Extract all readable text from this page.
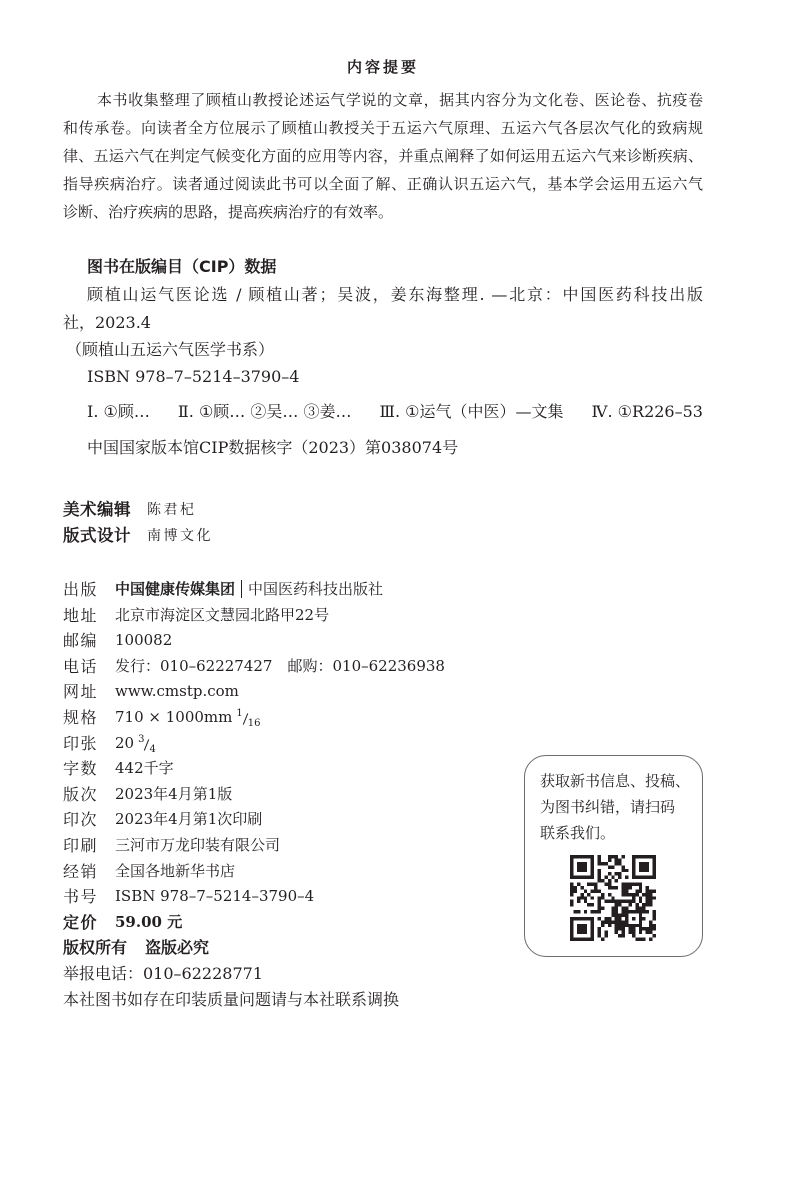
内容提要
本书收集整理了顾植山教授论述运气学说的文章，据其内容分为文化卷、医论卷、抗疫卷
和传承卷。向读者全方位展示了顾植山教授关于五运六气原理、五运六气各层次气化的致病规
律、五运六气在判定气候变化方面的应用等内容，并重点阐释了如何运用五运六气来诊断疾病、
指导疾病治疗。读者通过阅读此书可以全面了解、正确认识五运六气，基本学会运用五运六气
诊断、治疗疾病的思路，提高疾病治疗的有效率。
图书在版编目（CIP）数据
顾植山运气医论选 / 顾植山著；吴波，姜东海整理. —北京：中国医药科技出版
社，2023.4
（顾植山五运六气医学书系）
ISBN 978–7–5214–3790–4
Ⅰ. ①顾… Ⅱ. ①顾… ②吴… ③姜… Ⅲ. ①运气（中医）—文集 Ⅳ. ①R226–53
中国国家版本馆CIP数据核字（2023）第038074号
美术编辑 陈君杞
版式设计 南博文化
出版 中国健康传媒集团 中国医药科技出版社
地址 北京市海淀区文慧园北路甲22号
邮编 100082
电话 发行：010–62227427 邮购：010–62236938
网址 www.cmstp.com
规格 710 × 1000mm 116
印张 20 34
字数 442千字
版次 2023年4月第1版
印次 2023年4月第1次印刷
印刷 三河市万龙印装有限公司
经销 全国各地新华书店
书号 ISBN 978–7–5214–3790–4
定价 59.00 元
版权所有 盗版必究
举报电话：010–62228771
本社图书如存在印装质量问题请与本社联系调换
获取新书信息、投稿、
为图书纠错，请扫码
联系我们。
